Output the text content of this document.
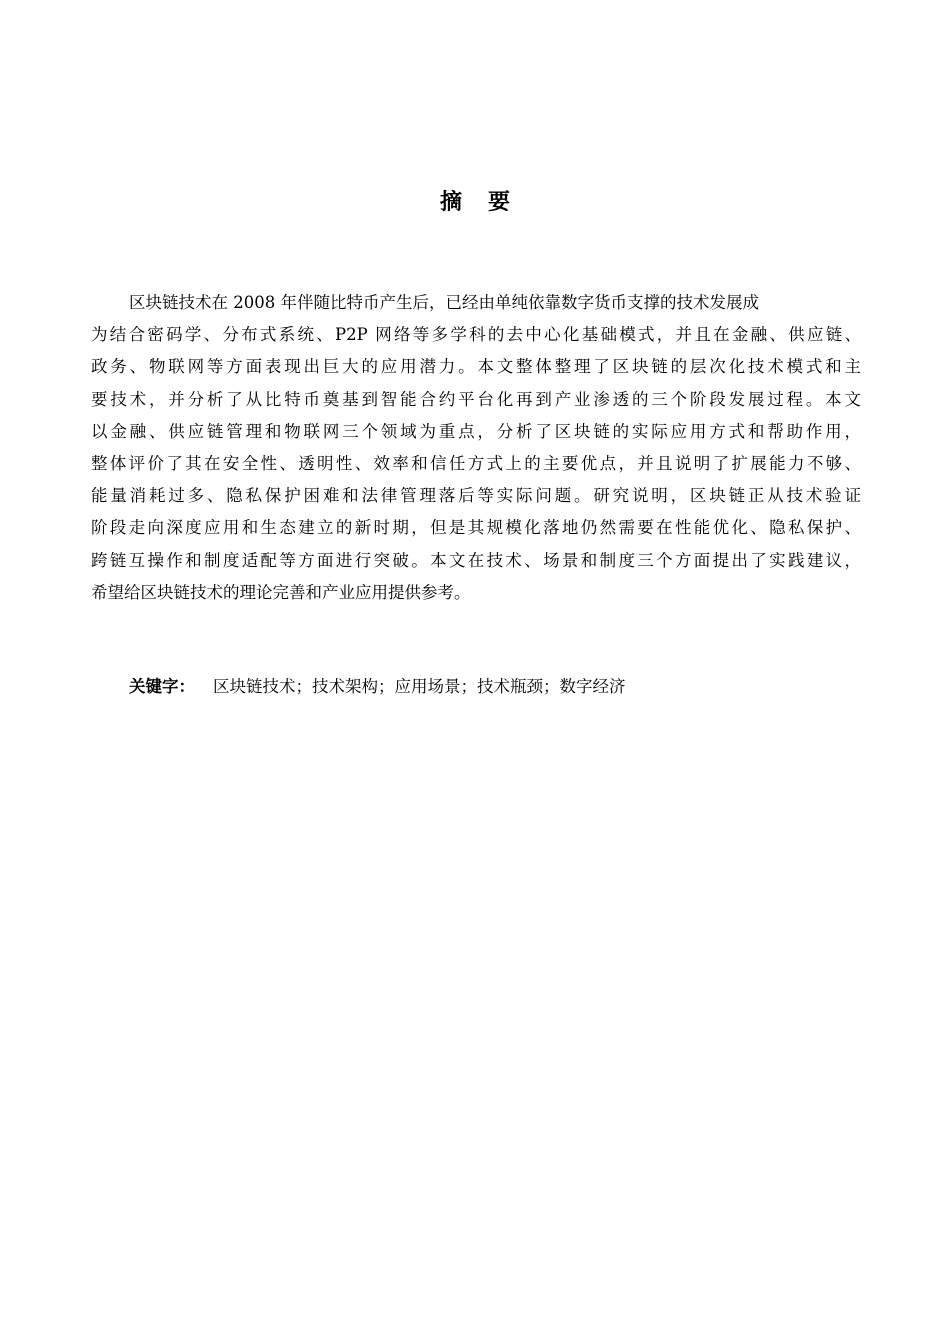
摘 要
区块链技术在 2008 年伴随比特币产生后，已经由单纯依靠数字货币支撑的技术发展成
为结合密码学、分布式系统、P2P 网络等多学科的去中心化基础模式，并且在金融、供应链、
政务、物联网等方面表现出巨大的应用潜力。本文整体整理了区块链的层次化技术模式和主
要技术，并分析了从比特币奠基到智能合约平台化再到产业渗透的三个阶段发展过程。本文
以金融、供应链管理和物联网三个领域为重点，分析了区块链的实际应用方式和帮助作用，
整体评价了其在安全性、透明性、效率和信任方式上的主要优点，并且说明了扩展能力不够、
能量消耗过多、隐私保护困难和法律管理落后等实际问题。研究说明，区块链正从技术验证
阶段走向深度应用和生态建立的新时期，但是其规模化落地仍然需要在性能优化、隐私保护、
跨链互操作和制度适配等方面进行突破。本文在技术、场景和制度三个方面提出了实践建议，
希望给区块链技术的理论完善和产业应用提供参考。
关键字： 区块链技术；技术架构；应用场景；技术瓶颈；数字经济
